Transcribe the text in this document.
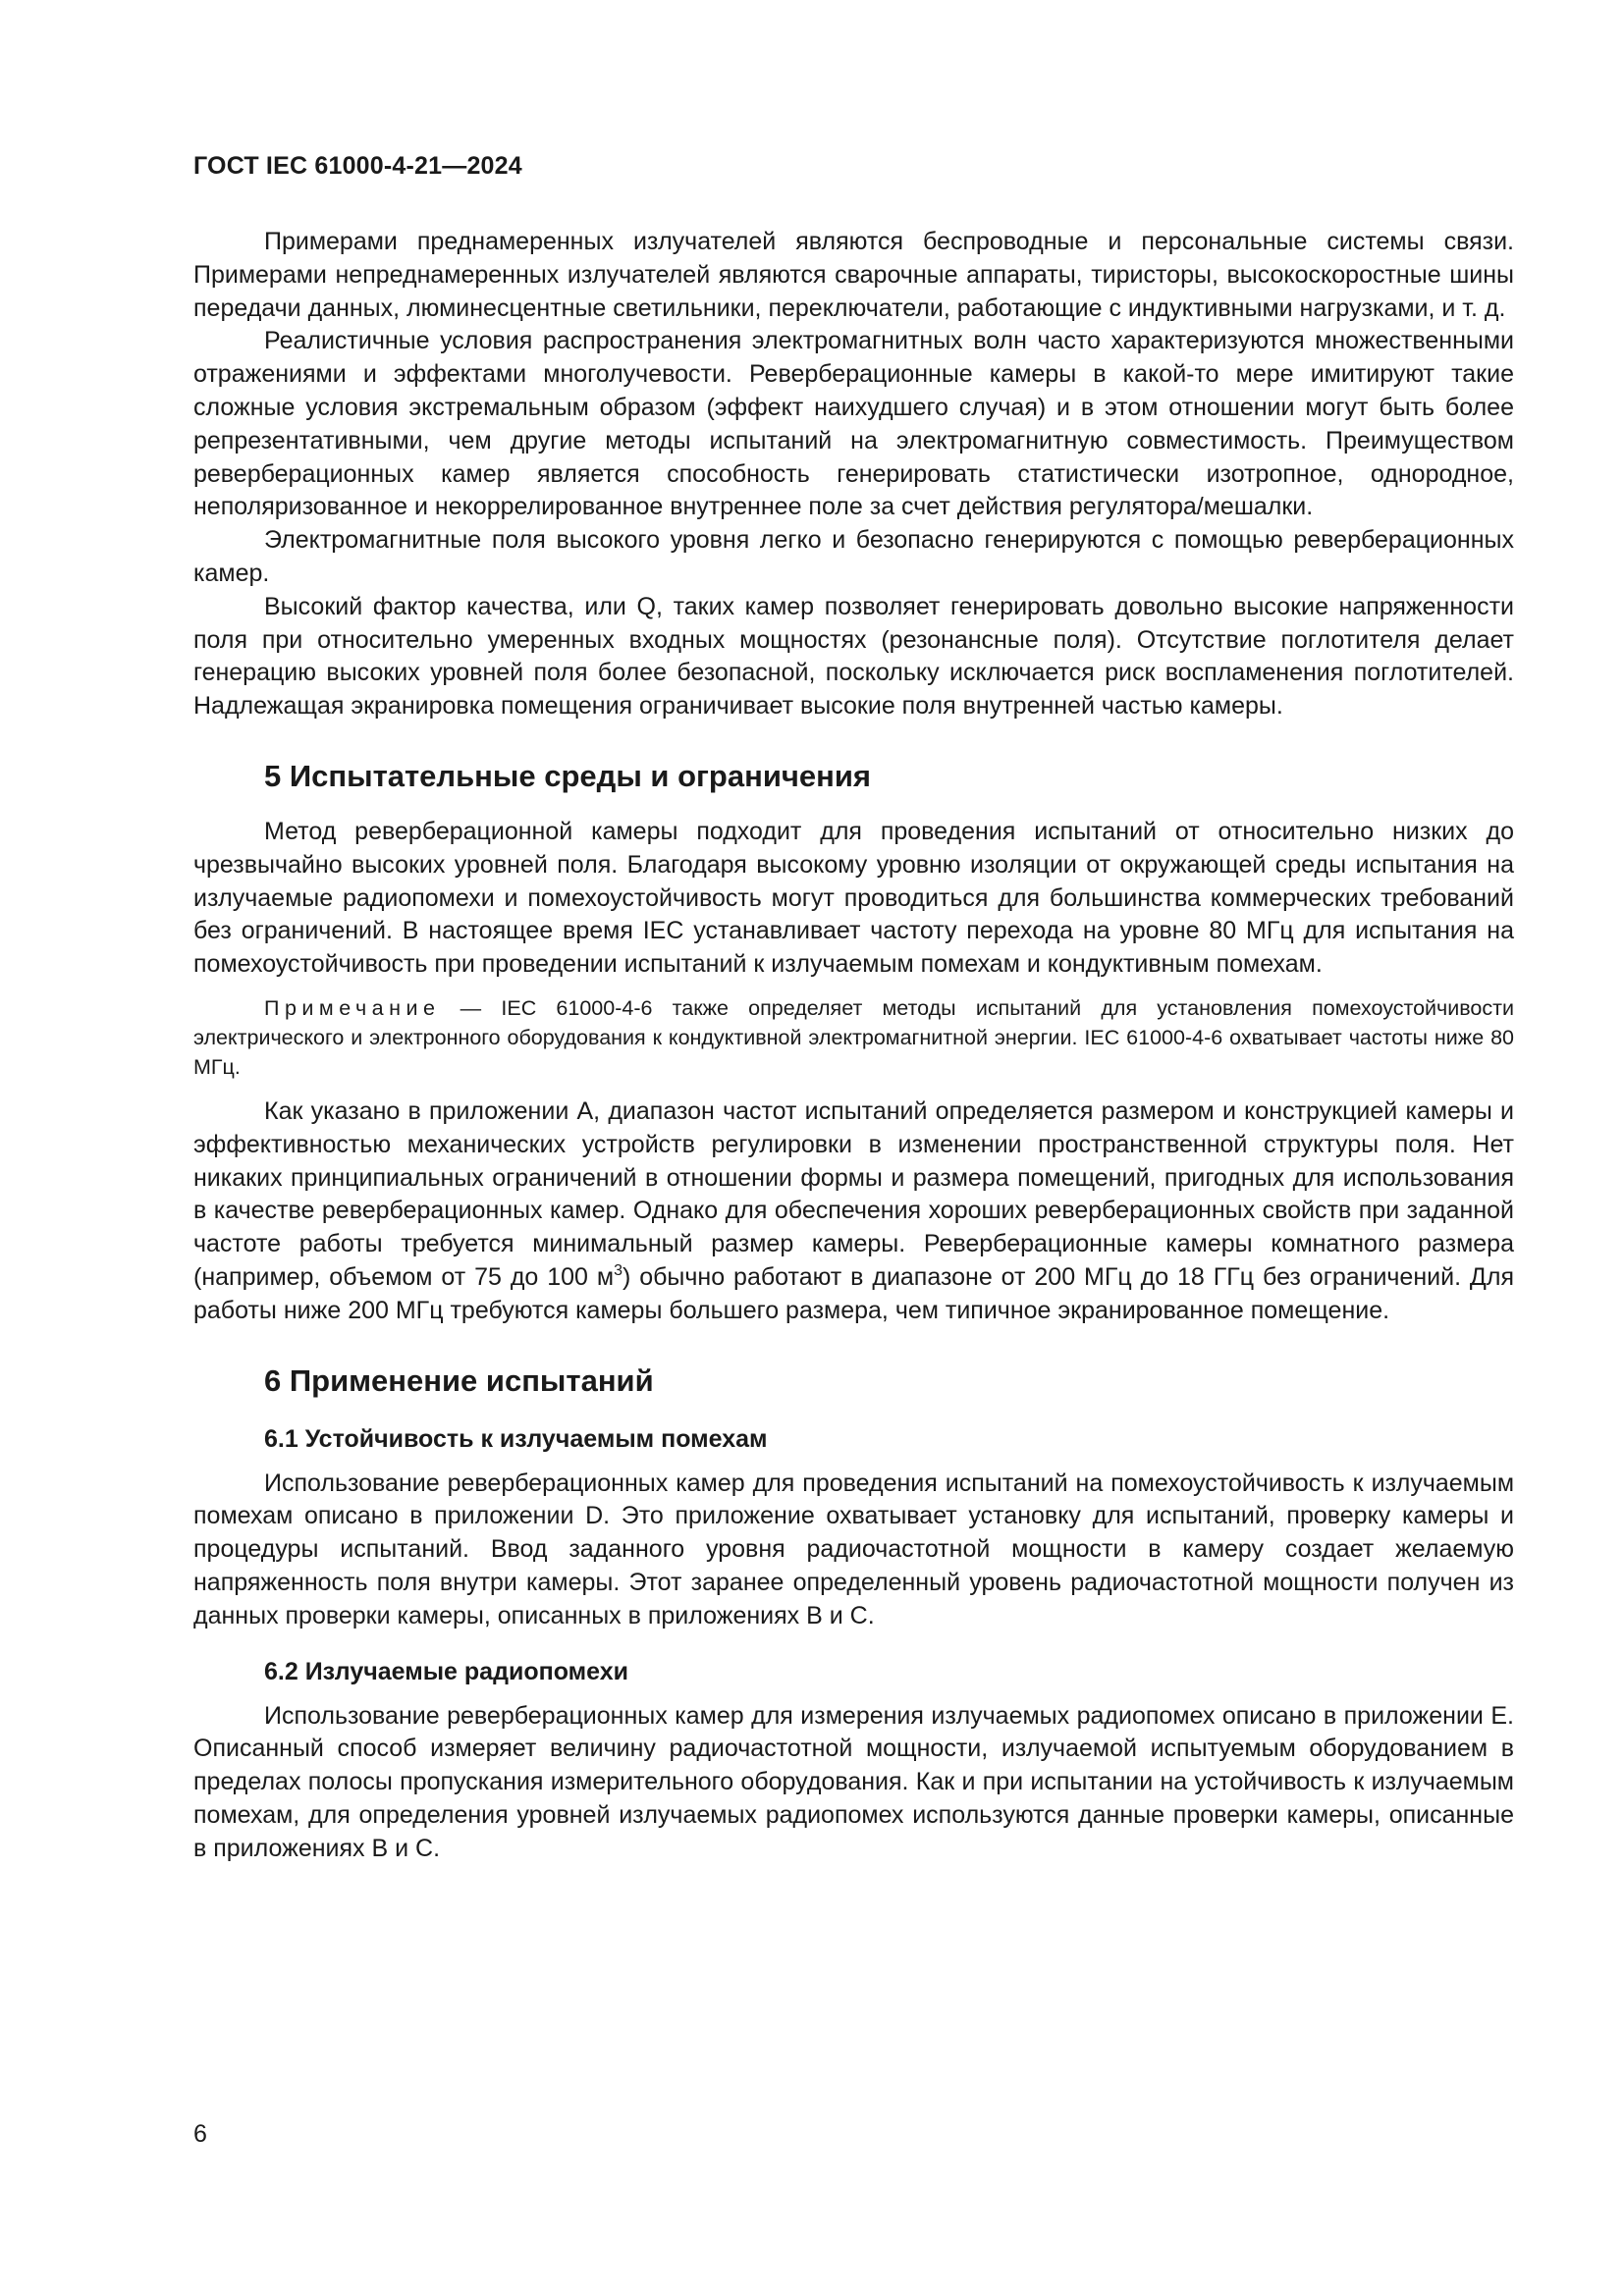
ГОСТ IEC 61000-4-21—2024

Примерами преднамеренных излучателей являются беспроводные и персональные системы связи. Примерами непреднамеренных излучателей являются сварочные аппараты, тиристоры, высокоскоростные шины передачи данных, люминесцентные светильники, переключатели, работающие с индуктивными нагрузками, и т. д.

Реалистичные условия распространения электромагнитных волн часто характеризуются множественными отражениями и эффектами многолучевости. Реверберационные камеры в какой-то мере имитируют такие сложные условия экстремальным образом (эффект наихудшего случая) и в этом отношении могут быть более репрезентативными, чем другие методы испытаний на электромагнитную совместимость. Преимуществом реверберационных камер является способность генерировать статистически изотропное, однородное, неполяризованное и некоррелированное внутреннее поле за счет действия регулятора/мешалки.

Электромагнитные поля высокого уровня легко и безопасно генерируются с помощью реверберационных камер.

Высокий фактор качества, или Q, таких камер позволяет генерировать довольно высокие напряженности поля при относительно умеренных входных мощностях (резонансные поля). Отсутствие поглотителя делает генерацию высоких уровней поля более безопасной, поскольку исключается риск воспламенения поглотителей. Надлежащая экранировка помещения ограничивает высокие поля внутренней частью камеры.

5 Испытательные среды и ограничения

Метод реверберационной камеры подходит для проведения испытаний от относительно низких до чрезвычайно высоких уровней поля. Благодаря высокому уровню изоляции от окружающей среды испытания на излучаемые радиопомехи и помехоустойчивость могут проводиться для большинства коммерческих требований без ограничений. В настоящее время IEC устанавливает частоту перехода на уровне 80 МГц для испытания на помехоустойчивость при проведении испытаний к излучаемым помехам и кондуктивным помехам.

Примечание — IEC 61000-4-6 также определяет методы испытаний для установления помехоустойчивости электрического и электронного оборудования к кондуктивной электромагнитной энергии. IEC 61000-4-6 охватывает частоты ниже 80 МГц.

Как указано в приложении А, диапазон частот испытаний определяется размером и конструкцией камеры и эффективностью механических устройств регулировки в изменении пространственной структуры поля. Нет никаких принципиальных ограничений в отношении формы и размера помещений, пригодных для использования в качестве реверберационных камер. Однако для обеспечения хороших реверберационных свойств при заданной частоте работы требуется минимальный размер камеры. Реверберационные камеры комнатного размера (например, объемом от 75 до 100 $м^3$) обычно работают в диапазоне от 200 МГц до 18 ГГц без ограничений. Для работы ниже 200 МГц требуются камеры большего размера, чем типичное экранированное помещение.

6 Применение испытаний
6.1 Устойчивость к излучаемым помехам

Использование реверберационных камер для проведения испытаний на помехоустойчивость к излучаемым помехам описано в приложении D. Это приложение охватывает установку для испытаний, проверку камеры и процедуры испытаний. Ввод заданного уровня радиочастотной мощности в камеру создает желаемую напряженность поля внутри камеры. Этот заранее определенный уровень радиочастотной мощности получен из данных проверки камеры, описанных в приложениях В и С.

6.2 Излучаемые радиопомехи

Использование реверберационных камер для измерения излучаемых радиопомех описано в приложении Е. Описанный способ измеряет величину радиочастотной мощности, излучаемой испытуемым оборудованием в пределах полосы пропускания измерительного оборудования. Как и при испытании на устойчивость к излучаемым помехам, для определения уровней излучаемых радиопомех используются данные проверки камеры, описанные в приложениях В и С.

6
